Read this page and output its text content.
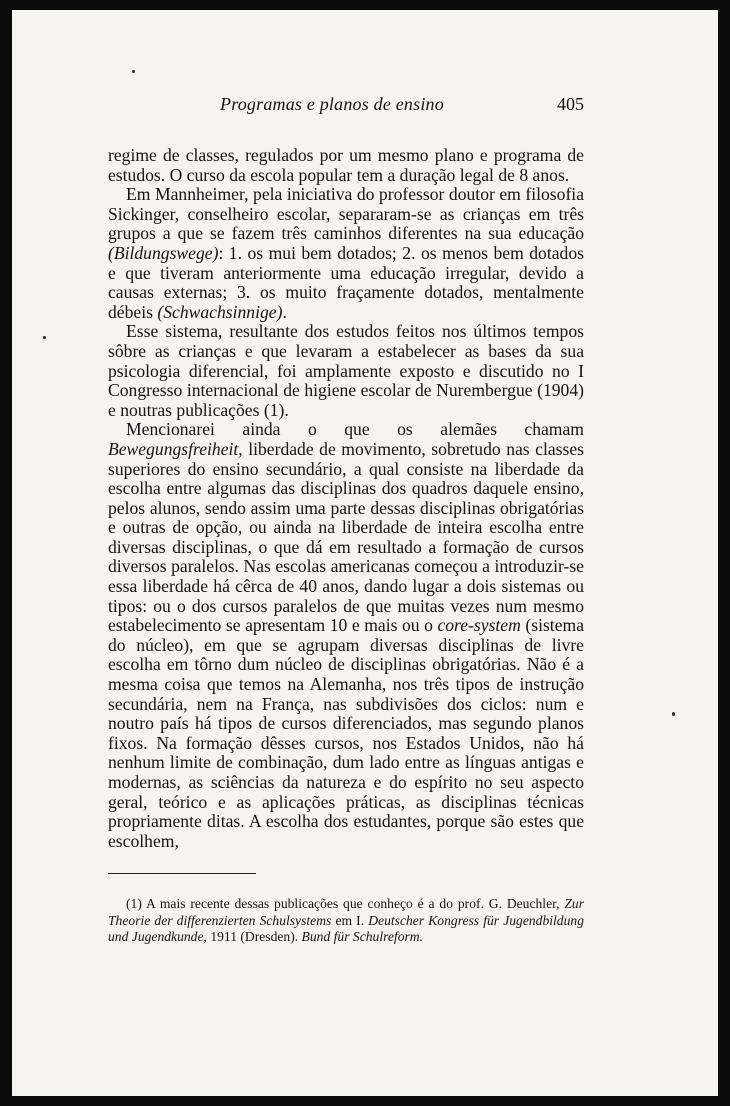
Programas e planos de ensino	405

regime de classes, regulados por um mesmo plano e programa de estudos. O curso da escola popular tem a duração legal de 8 anos.

Em Mannheimer, pela iniciativa do professor doutor em filosofia Sickinger, conselheiro escolar, separaram-se as crianças em três grupos a que se fazem três caminhos diferentes na sua educação (Bildungswege): 1. os mui bem dotados; 2. os menos bem dotados e que tiveram anteriormente uma educação irregular, devido a causas externas; 3. os muito fraçamente dotados, mentalmente débeis (Schwachsinnige).

Esse sistema, resultante dos estudos feitos nos últimos tempos sôbre as crianças e que levaram a estabelecer as bases da sua psicologia diferencial, foi amplamente exposto e discutido no I Congresso internacional de higiene escolar de Nurembergue (1904) e noutras publicações (1).

Mencionarei ainda o que os alemães chamam Bewegungsfreiheit, liberdade de movimento, sobretudo nas classes superiores do ensino secundário, a qual consiste na liberdade da escolha entre algumas das disciplinas dos quadros daquele ensino, pelos alunos, sendo assim uma parte dessas disciplinas obrigatórias e outras de opção, ou ainda na liberdade de inteira escolha entre diversas disciplinas, o que dá em resultado a formação de cursos diversos paralelos. Nas escolas americanas começou a introduzir-se essa liberdade há cêrca de 40 anos, dando lugar a dois sistemas ou tipos: ou o dos cursos paralelos de que muitas vezes num mesmo estabelecimento se apresentam 10 e mais ou o core-system (sistema do núcleo), em que se agrupam diversas disciplinas de livre escolha em tôrno dum núcleo de disciplinas obrigatórias. Não é a mesma coisa que temos na Alemanha, nos três tipos de instrução secundária, nem na França, nas subdivisões dos ciclos: num e noutro país há tipos de cursos diferenciados, mas segundo planos fixos. Na formação dêsses cursos, nos Estados Unidos, não há nenhum limite de combinação, dum lado entre as línguas antigas e modernas, as sciências da natureza e do espírito no seu aspecto geral, teórico e as aplicações práticas, as disciplinas técnicas propriamente ditas. A escolha dos estudantes, porque são estes que escolhem,

(1) A mais recente dessas publicações que conheço é a do prof. G. Deuchler, Zur Theorie der differenzierten Schulsystems em I. Deutscher Kongress für Jugendbildung und Jugendkunde, 1911 (Dresden). Bund für Schulreform.
